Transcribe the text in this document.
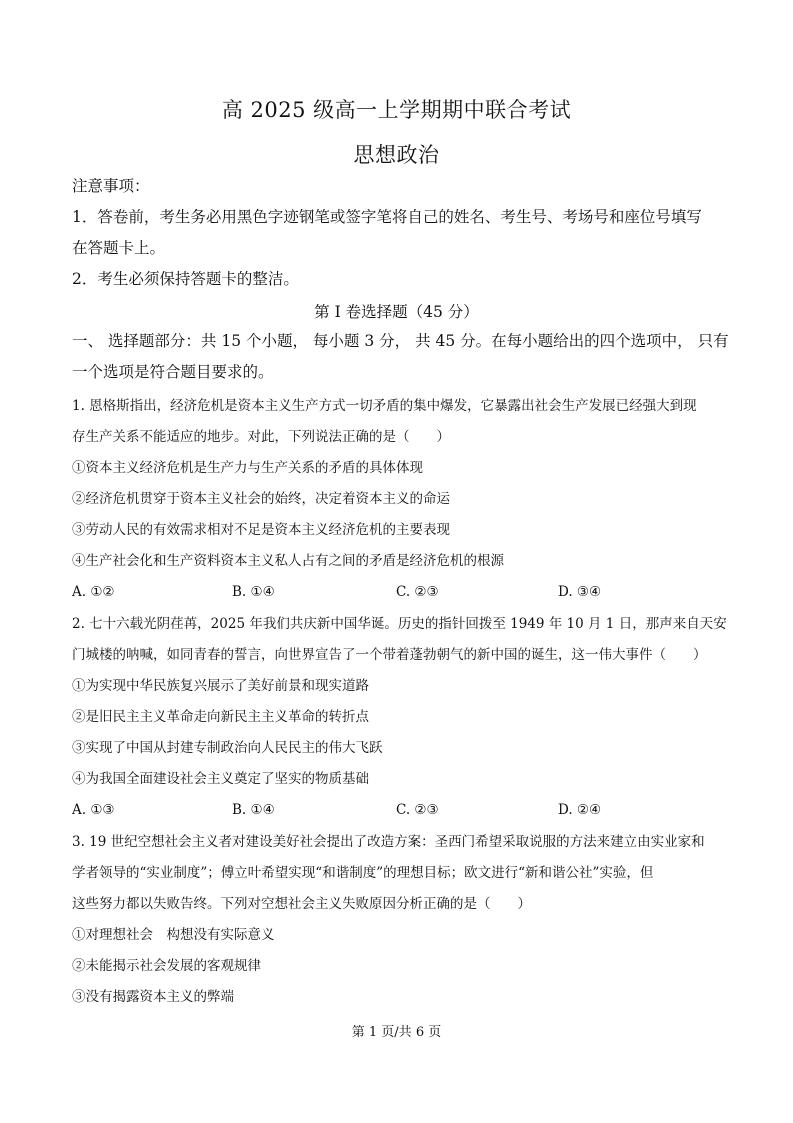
高 2025 级高一上学期期中联合考试
思想政治
注意事项：
1．答卷前，考生务必用黑色字迹钢笔或签字笔将自己的姓名、考生号、考场号和座位号填写
在答题卡上。
2．考生必须保持答题卡的整洁。
第 I 卷选择题（45 分）
一、 选择题部分：共 15 个小题， 每小题 3 分， 共 45 分。在每小题给出的四个选项中， 只有
一个选项是符合题目要求的。
1. 恩格斯指出，经济危机是资本主义生产方式一切矛盾的集中爆发，它暴露出社会生产发展已经强大到现
存生产关系不能适应的地步。对此，下列说法正确的是（　　）
①资本主义经济危机是生产力与生产关系的矛盾的具体体现
②经济危机贯穿于资本主义社会的始终，决定着资本主义的命运
③劳动人民的有效需求相对不足是资本主义经济危机的主要表现
④生产社会化和生产资料资本主义私人占有之间的矛盾是经济危机的根源
A. ①②	B. ①④	C. ②③	D. ③④
2. 七十六载光阴荏苒，2025 年我们共庆新中国华诞。历史的指针回拨至 1949 年 10 月 1 日，那声来自天安
门城楼的呐喊，如同青春的誓言，向世界宣告了一个带着蓬勃朝气的新中国的诞生，这一伟大事件（　　）
①为实现中华民族复兴展示了美好前景和现实道路
②是旧民主主义革命走向新民主主义革命的转折点
③实现了中国从封建专制政治向人民民主的伟大飞跃
④为我国全面建设社会主义奠定了坚实的物质基础
A. ①③	B. ①④	C. ②③	D. ②④
3. 19 世纪空想社会主义者对建设美好社会提出了改造方案：圣西门希望采取说服的方法来建立由实业家和
学者领导的“实业制度”；傅立叶希望实现“和谐制度”的理想目标；欧文进行“新和谐公社”实验，但
这些努力都以失败告终。下列对空想社会主义失败原因分析正确的是（　　）
①对理想社会　构想没有实际意义
②未能揭示社会发展的客观规律
③没有揭露资本主义的弊端
第 1 页/共 6 页
